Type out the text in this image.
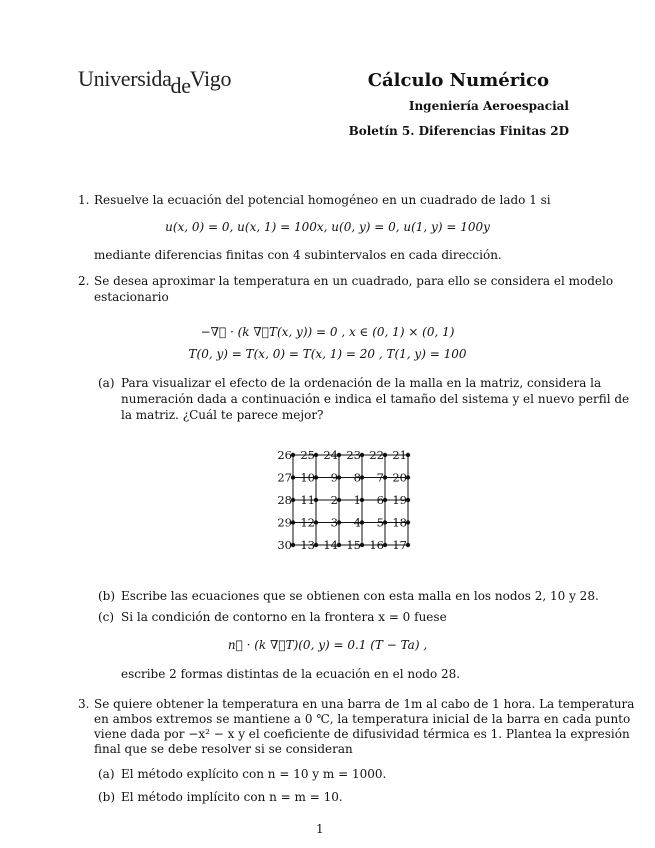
UniversidadeVigo	Cálculo Numérico
Ingeniería Aeroespacial
Boletín 5. Diferencias Finitas 2D
1. Resuelve la ecuación del potencial homogéneo en un cuadrado de lado 1 si
u(x, 0) = 0, u(x, 1) = 100x, u(0, y) = 0, u(1, y) = 100y
mediante diferencias finitas con 4 subintervalos en cada dirección.
2. Se desea aproximar la temperatura en un cuadrado, para ello se considera el modelo
estacionario
−∇⃗ · (k ∇⃗T(x, y)) = 0 , x ∈ (0, 1) × (0, 1)
T(0, y) = T(x, 0) = T(x, 1) = 20 , T(1, y) = 100
(a) Para visualizar el efecto de la ordenación de la malla en la matriz, considera la
numeración dada a continuación e indica el tamaño del sistema y el nuevo perfil de
la matriz. ¿Cuál te parece mejor?
26 25 24 23 22 21
27 10 9 8 7 20
28 11 2 1 6 19
29 12 3 4 5 18
30 13 14 15 16 17
(b) Escribe las ecuaciones que se obtienen con esta malla en los nodos 2, 10 y 28.
(c) Si la condición de contorno en la frontera x = 0 fuese
n⃗ · (k ∇⃗T)(0, y) = 0.1 (T − Ta) ,
escribe 2 formas distintas de la ecuación en el nodo 28.
3. Se quiere obtener la temperatura en una barra de 1m al cabo de 1 hora. La temperatura
en ambos extremos se mantiene a 0 ℃, la temperatura inicial de la barra en cada punto
viene dada por −x² − x y el coeficiente de difusividad térmica es 1. Plantea la expresión
final que se debe resolver si se consideran
(a) El método explícito con n = 10 y m = 1000.
(b) El método implícito con n = m = 10.
1
